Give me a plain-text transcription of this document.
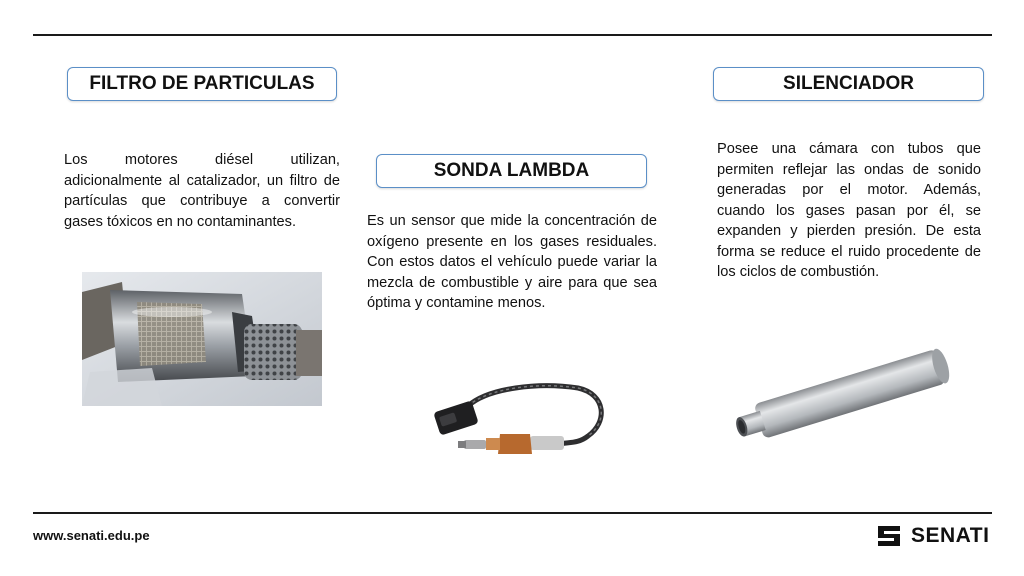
FILTRO DE PARTICULAS

Los motores diésel utilizan, adicionalmente al catalizador, un filtro de partículas que contribuye a convertir gases tóxicos en no contaminantes.

SONDA LAMBDA

Es un sensor que mide la concentración de oxígeno presente en los gases residuales. Con estos datos el vehículo puede variar la mezcla de combustible y aire para que sea óptima y contamine menos.

SILENCIADOR

Posee una cámara con tubos que permiten reflejar las ondas de sonido generadas por el motor. Además, cuando los gases pasan por él, se expanden y pierden presión. De esta forma se reduce el ruido procedente de los ciclos de combustión.

www.senati.edu.pe	SENATI
